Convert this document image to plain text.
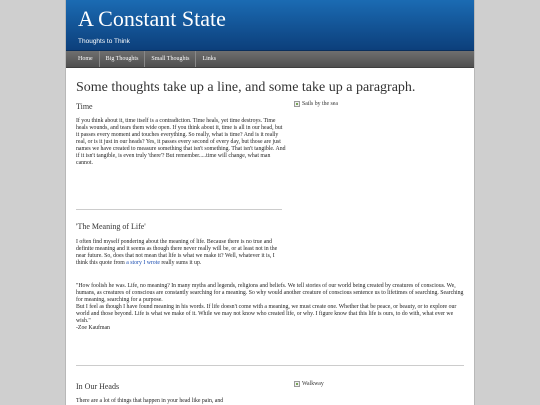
A Constant State
Thoughts to Think
Home	Big Thoughts	Small Thoughts	Links
Some thoughts take up a line, and some take up a paragraph.
Time	Sails by the sea

If you think about it, time itself is a contradiction. Time heals, yet time destroys. Time heals wounds, and tears them wide open. If you think about it, time is all in our head, but it passes every moment and touches everything. So really, what is time? And is it really real, or is it just in our heads? Yes, it passes every second of every day, but those are just names we have created to measure something that isn't something. That isn't tangible. And if it isn't tangible, is even truly 'there'? But remember.....time will change, what man cannot.

'The Meaning of Life'

I often find myself pondering about the meaning of life. Because there is no true and definite meaning and it seems as though there never really will be, or at least not in the near future. So, does that not mean that life is what we make it? Well, whatever it is, I think this quote from a story I wrote really sums it up.

"How foolish he was. Life, no meaning? In many myths and legends, religions and beliefs. We tell stories of our world being created by creatures of conscious. We, humans, as creatures of conscious are constantly searching for a meaning. So why would another creature of conscious sentence us to lifetimes of searching. Searching for meaning, searching for a purpose.

But I feel as though I have found meaning in his words. If life doesn't come with a meaning, we must create one. Whether that be peace, or beauty, or to explore our world and those beyond. Life is what we make of it. While we may not know who created life, or why. I figure know that this life is ours, to do with, what ever we wish."

-Zoe Kaufman

In Our Heads	Walkway

There are a lot of things that happen in your head like pain, and
